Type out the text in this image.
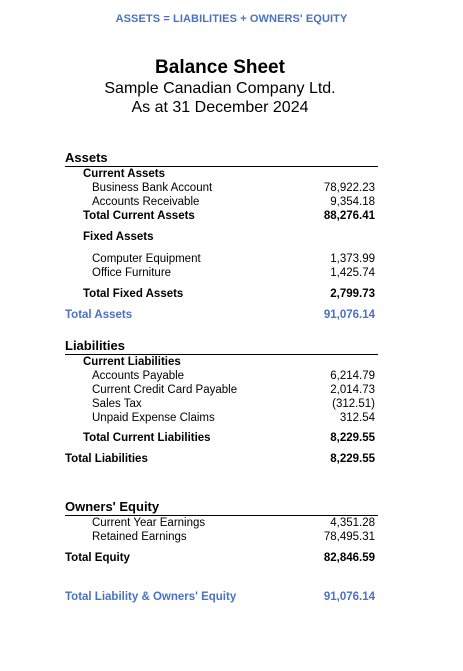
ASSETS = LIABILITIES + OWNERS' EQUITY
Balance Sheet
Sample Canadian Company Ltd.
As at 31 December 2024
Assets
Current Assets
Business Bank Account	78,922.23
Accounts Receivable	9,354.18
Total Current Assets	88,276.41
Fixed Assets
Computer Equipment	1,373.99
Office Furniture	1,425.74
Total Fixed Assets	2,799.73
Total Assets	91,076.14
Liabilities
Current Liabilities
Accounts Payable	6,214.79
Current Credit Card Payable	2,014.73
Sales Tax	(312.51)
Unpaid Expense Claims	312.54
Total Current Liabilities	8,229.55
Total Liabilities	8,229.55
Owners' Equity
Current Year Earnings	4,351.28
Retained Earnings	78,495.31
Total Equity	82,846.59
Total Liability & Owners' Equity	91,076.14
